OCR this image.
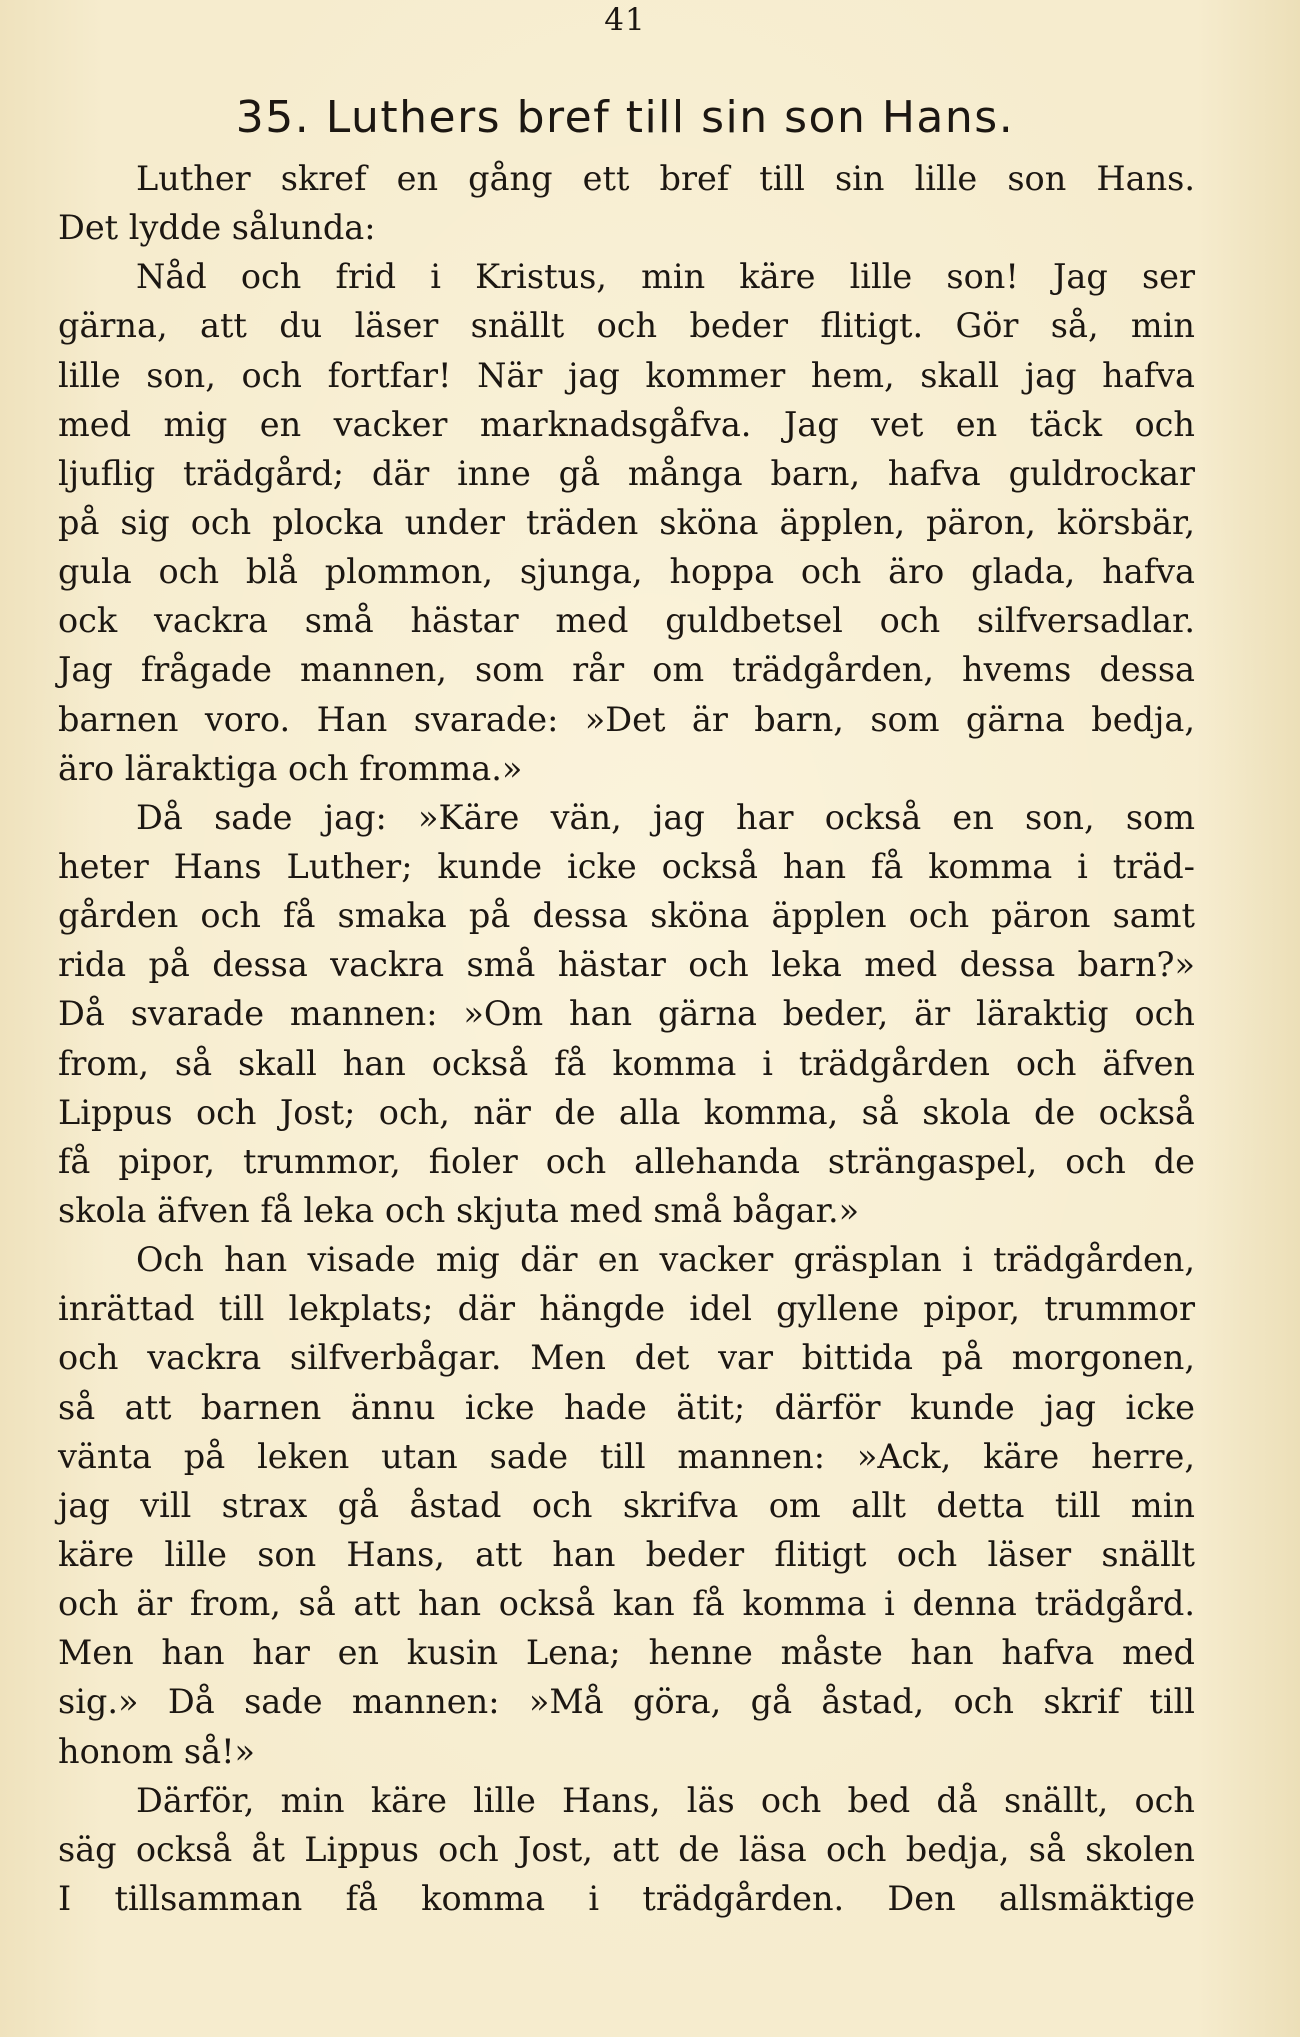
41
35. Luthers bref till sin son Hans.
Luther skref en gång ett bref till sin lille son Hans.
Det lydde sålunda:
Nåd och frid i Kristus, min käre lille son! Jag ser
gärna, att du läser snällt och beder flitigt. Gör så, min
lille son, och fortfar! När jag kommer hem, skall jag hafva
med mig en vacker marknadsgåfva. Jag vet en täck och
ljuflig trädgård; där inne gå många barn, hafva guldrockar
på sig och plocka under träden sköna äpplen, päron, körsbär,
gula och blå plommon, sjunga, hoppa och äro glada, hafva
ock vackra små hästar med guldbetsel och silfversadlar.
Jag frågade mannen, som rår om trädgården, hvems dessa
barnen voro. Han svarade: »Det är barn, som gärna bedja,
äro läraktiga och fromma.»
Då sade jag: »Käre vän, jag har också en son, som
heter Hans Luther; kunde icke också han få komma i träd-
gården och få smaka på dessa sköna äpplen och päron samt
rida på dessa vackra små hästar och leka med dessa barn?»
Då svarade mannen: »Om han gärna beder, är läraktig och
from, så skall han också få komma i trädgården och äfven
Lippus och Jost; och, när de alla komma, så skola de också
få pipor, trummor, fioler och allehanda strängaspel, och de
skola äfven få leka och skjuta med små bågar.»
Och han visade mig där en vacker gräsplan i trädgården,
inrättad till lekplats; där hängde idel gyllene pipor, trummor
och vackra silfverbågar. Men det var bittida på morgonen,
så att barnen ännu icke hade ätit; därför kunde jag icke
vänta på leken utan sade till mannen: »Ack, käre herre,
jag vill strax gå åstad och skrifva om allt detta till min
käre lille son Hans, att han beder flitigt och läser snällt
och är from, så att han också kan få komma i denna trädgård.
Men han har en kusin Lena; henne måste han hafva med
sig.» Då sade mannen: »Må göra, gå åstad, och skrif till
honom så!»
Därför, min käre lille Hans, läs och bed då snällt, och
säg också åt Lippus och Jost, att de läsa och bedja, så skolen
I tillsamman få komma i trädgården. Den allsmäktige
